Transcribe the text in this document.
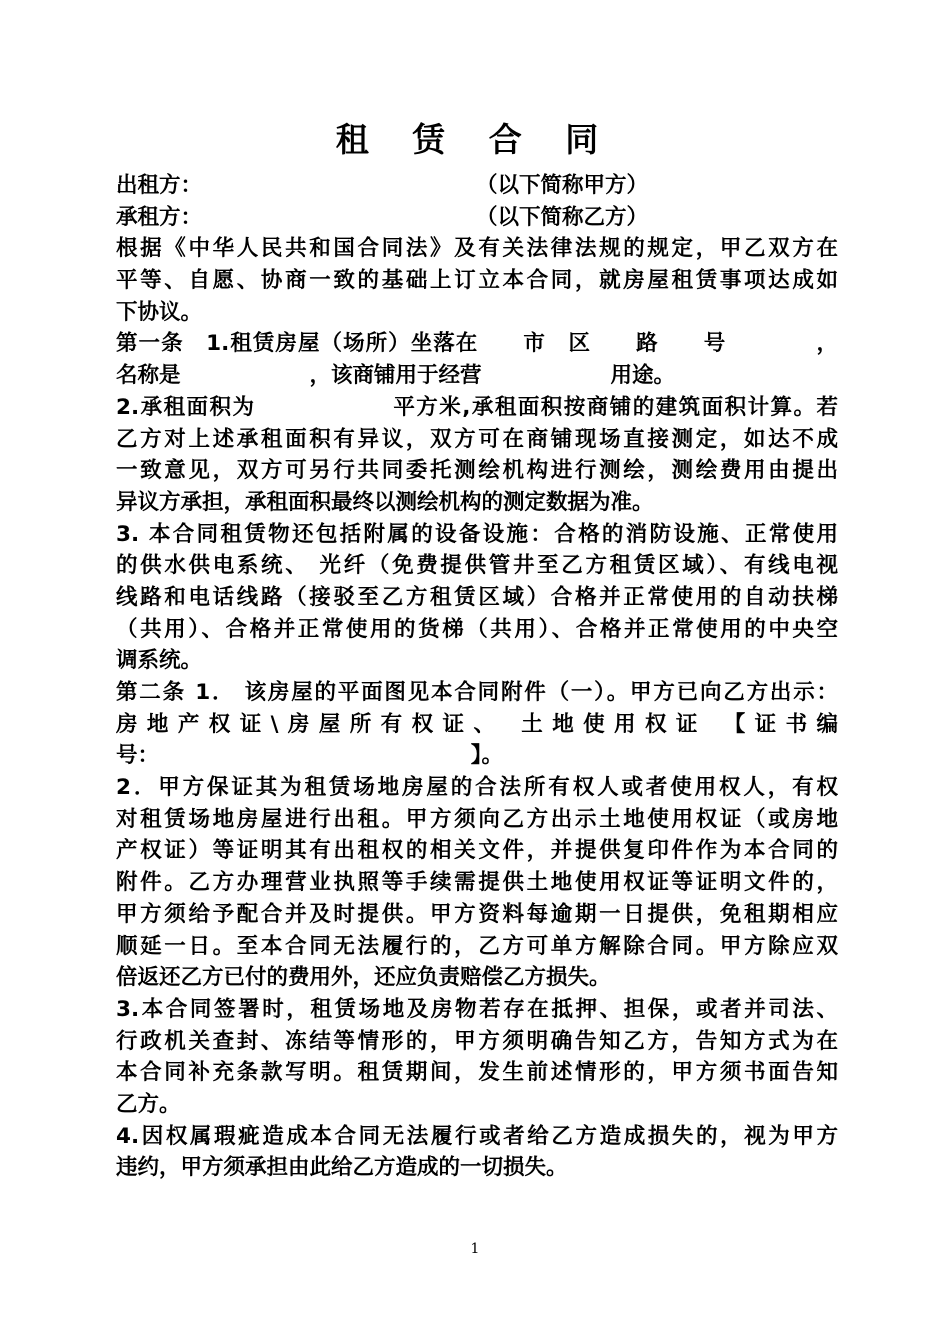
租 赁 合 同
出租方：	（以下简称甲方）
承租方：	（以下简称乙方）
根据《中华人民共和国合同法》及有关法律法规的规定，甲乙双方在
平等、自愿、协商一致的基础上订立本合同，就房屋租赁事项达成如
下协议。
第一条　1.租赁房屋（场所）坐落在　　市　区　　路　　号　　　　，
名称是　　　　　　，该商铺用于经营　　　　　　用途。
2.承租面积为　　　　　　平方米,承租面积按商铺的建筑面积计算。若
乙方对上述承租面积有异议，双方可在商铺现场直接测定，如达不成
一致意见，双方可另行共同委托测绘机构进行测绘，测绘费用由提出
异议方承担，承租面积最终以测绘机构的测定数据为准。
3. 本合同租赁物还包括附属的设备设施：合格的消防设施、正常使用
的供水供电系统、 光纤（免费提供管井至乙方租赁区域）、有线电视
线路和电话线路（接驳至乙方租赁区域）合格并正常使用的自动扶梯
（共用）、合格并正常使用的货梯（共用）、合格并正常使用的中央空
调系统。
第二条 1． 该房屋的平面图见本合同附件（一）。甲方已向乙方出示：
房地产权证\房屋所有权证、 土地使用权证 【证书编
号：　　　　　　　　　　　　　　　】。
2．甲方保证其为租赁场地房屋的合法所有权人或者使用权人，有权
对租赁场地房屋进行出租。甲方须向乙方出示土地使用权证（或房地
产权证）等证明其有出租权的相关文件，并提供复印件作为本合同的
附件。乙方办理营业执照等手续需提供土地使用权证等证明文件的，
甲方须给予配合并及时提供。甲方资料每逾期一日提供，免租期相应
顺延一日。至本合同无法履行的，乙方可单方解除合同。甲方除应双
倍返还乙方已付的费用外，还应负责赔偿乙方损失。
3.本合同签署时，租赁场地及房物若存在抵押、担保，或者并司法、
行政机关查封、冻结等情形的，甲方须明确告知乙方，告知方式为在
本合同补充条款写明。租赁期间，发生前述情形的，甲方须书面告知
乙方。
4.因权属瑕疵造成本合同无法履行或者给乙方造成损失的，视为甲方
违约，甲方须承担由此给乙方造成的一切损失。
1
